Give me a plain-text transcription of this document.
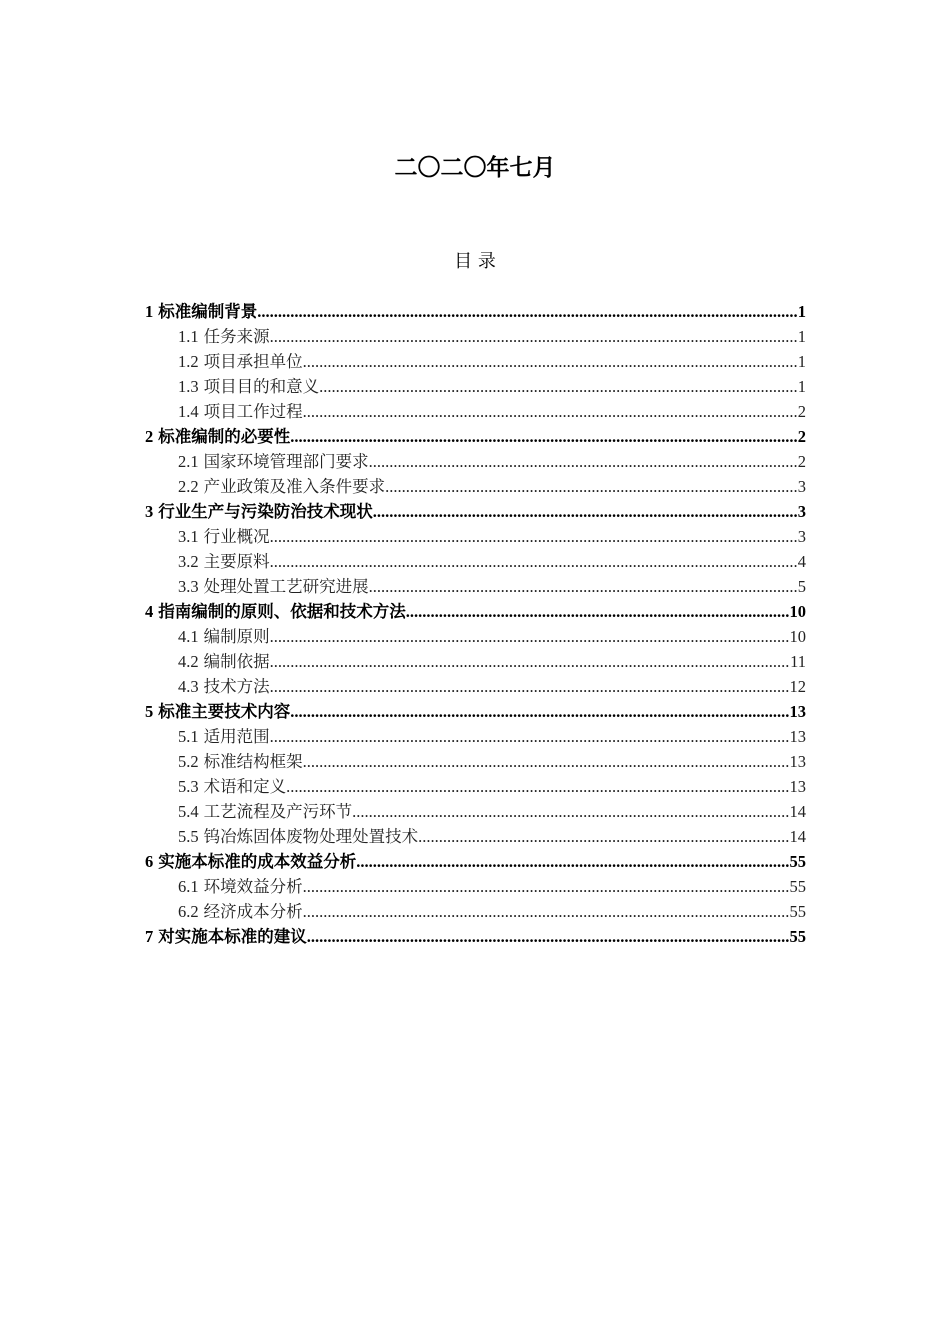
二〇二〇年七月
目 录
1 标准编制背景 .....	1
1.1 任务来源 .....	1
1.2 项目承担单位 .....	1
1.3 项目目的和意义 .....	1
1.4 项目工作过程 .....	2
2 标准编制的必要性 .....	2
2.1 国家环境管理部门要求 .....	2
2.2 产业政策及准入条件要求 .....	3
3 行业生产与污染防治技术现状 .....	3
3.1 行业概况 .....	3
3.2 主要原料 .....	4
3.3 处理处置工艺研究进展 .....	5
4 指南编制的原则、依据和技术方法 .....	10
4.1 编制原则 .....	10
4.2 编制依据 .....	11
4.3 技术方法 .....	12
5 标准主要技术内容 .....	13
5.1 适用范围 .....	13
5.2 标准结构框架 .....	13
5.3 术语和定义 .....	13
5.4 工艺流程及产污环节 .....	14
5.5 钨冶炼固体废物处理处置技术 .....	14
6 实施本标准的成本效益分析 .....	55
6.1 环境效益分析 .....	55
6.2 经济成本分析 .....	55
7 对实施本标准的建议 .....	55
